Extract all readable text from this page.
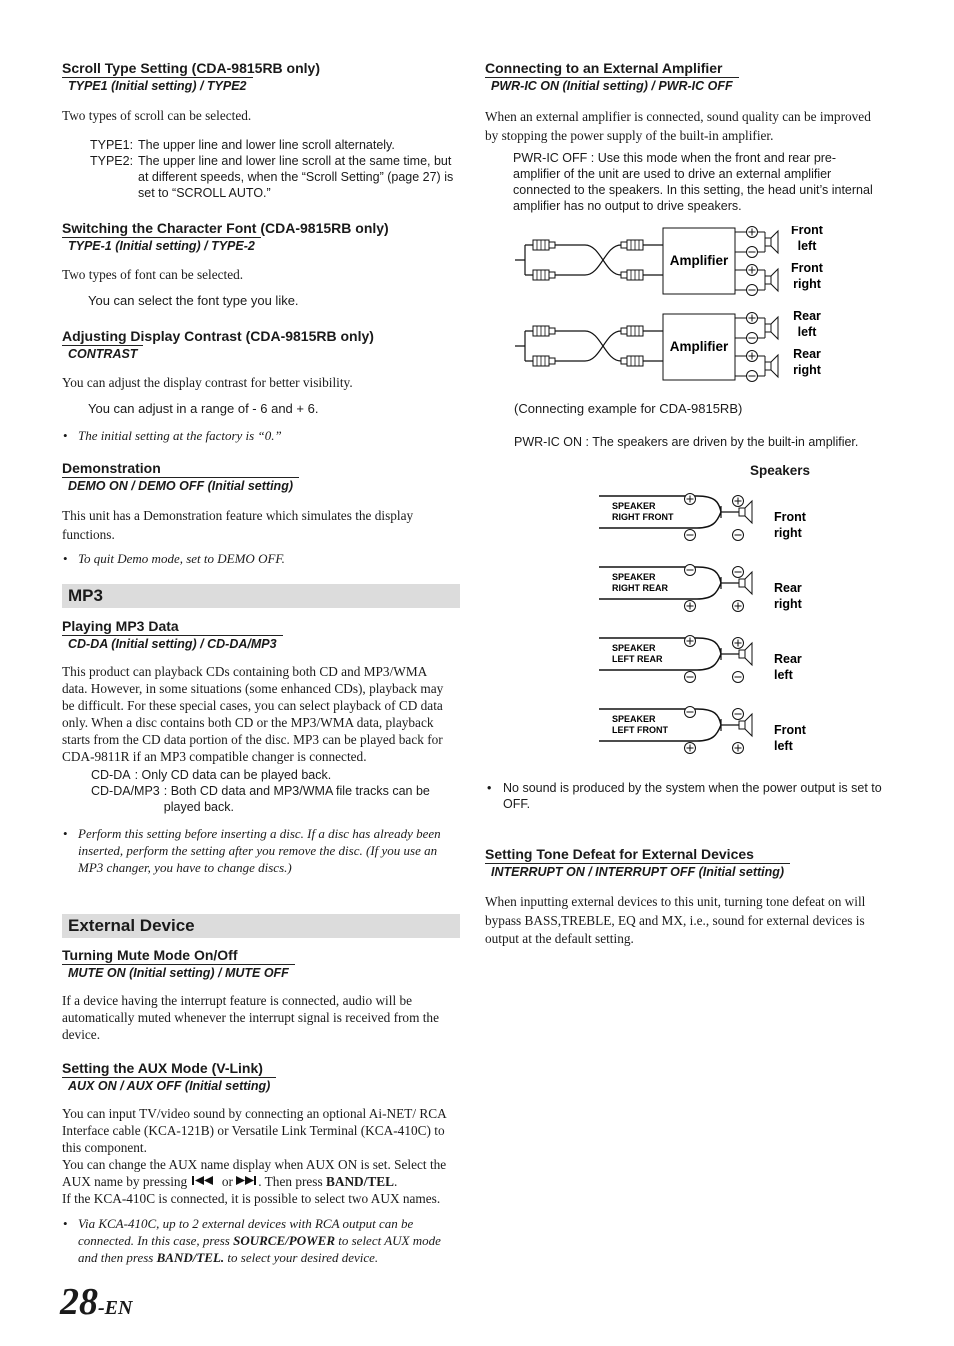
Scroll Type Setting (CDA-9815RB only)

TYPE1 (Initial setting) / TYPE2

Two types of scroll can be selected.

TYPE1: The upper line and lower line scroll alternately.
TYPE2: The upper line and lower line scroll at the same time, but at different speeds, when the “Scroll Setting” (page 27) is set to “SCROLL AUTO.”

Switching the Character Font (CDA-9815RB only)

TYPE-1 (Initial setting) / TYPE-2

Two types of font can be selected.

You can select the font type you like.

Adjusting Display Contrast (CDA-9815RB only)

CONTRAST

You can adjust the display contrast for better visibility.

You can adjust in a range of - 6 and + 6.

• The initial setting at the factory is “0.”

Demonstration

DEMO ON / DEMO OFF (Initial setting)

This unit has a Demonstration feature which simulates the display functions.

• To quit Demo mode, set to DEMO OFF.

MP3

Playing MP3 Data

CD-DA (Initial setting) / CD-DA/MP3

This product can playback CDs containing both CD and MP3/WMA data. However, in some situations (some enhanced CDs), playback may be difficult. For these special cases, you can select playback of CD data only. When a disc contains both CD or the MP3/WMA data, playback starts from the CD data portion of the disc. MP3 can be played back for CDA-9811R if an MP3 compatible changer is connected.

CD-DA : Only CD data can be played back.
CD-DA/MP3 : Both CD data and MP3/WMA file tracks can be played back.

• Perform this setting before inserting a disc. If a disc has already been inserted, perform the setting after you remove the disc. (If you use an MP3 changer, you have to change discs.)

External Device

Turning Mute Mode On/Off

MUTE ON (Initial setting) / MUTE OFF

If a device having the interrupt feature is connected, audio will be automatically muted whenever the interrupt signal is received from the device.

Setting the AUX Mode (V-Link)

AUX ON / AUX OFF (Initial setting)

You can input TV/video sound by connecting an optional Ai-NET/ RCA Interface cable (KCA-121B) or Versatile Link Terminal (KCA-410C) to this component.

You can change the AUX name display when AUX ON is set. Select the AUX name by pressing	or . Then press BAND/TEL.

If the KCA-410C is connected, it is possible to select two AUX names.

• Via KCA-410C, up to 2 external devices with RCA output can be connected. In this case, press SOURCE/POWER to select AUX mode and then press BAND/TEL. to select your desired device.

Connecting to an External Amplifier

PWR-IC ON (Initial setting) / PWR-IC OFF

When an external amplifier is connected, sound quality can be improved by stopping the power supply of the built-in amplifier.

PWR-IC OFF : Use this mode when the front and rear pre-amplifier of the unit are used to drive an external amplifier connected to the speakers. In this setting, the head unit’s internal amplifier has no output to drive speakers.

Amplifier
Front
left
Front
right
Amplifier
Rear
left
Rear
right

(Connecting example for CDA-9815RB)

PWR-IC ON : The speakers are driven by the built-in amplifier.

Speakers

SPEAKER
RIGHT FRONT	Front
right
SPEAKER
RIGHT REAR	Rear
right
SPEAKER
LEFT REAR	Rear
left
SPEAKER
LEFT FRONT	Front
left

• No sound is produced by the system when the power output is set to OFF.

Setting Tone Defeat for External Devices

INTERRUPT ON / INTERRUPT OFF (Initial setting)

When inputting external devices to this unit, turning tone defeat on will bypass BASS,TREBLE, EQ and MX, i.e., sound for external devices is output at the default setting.

28-EN
